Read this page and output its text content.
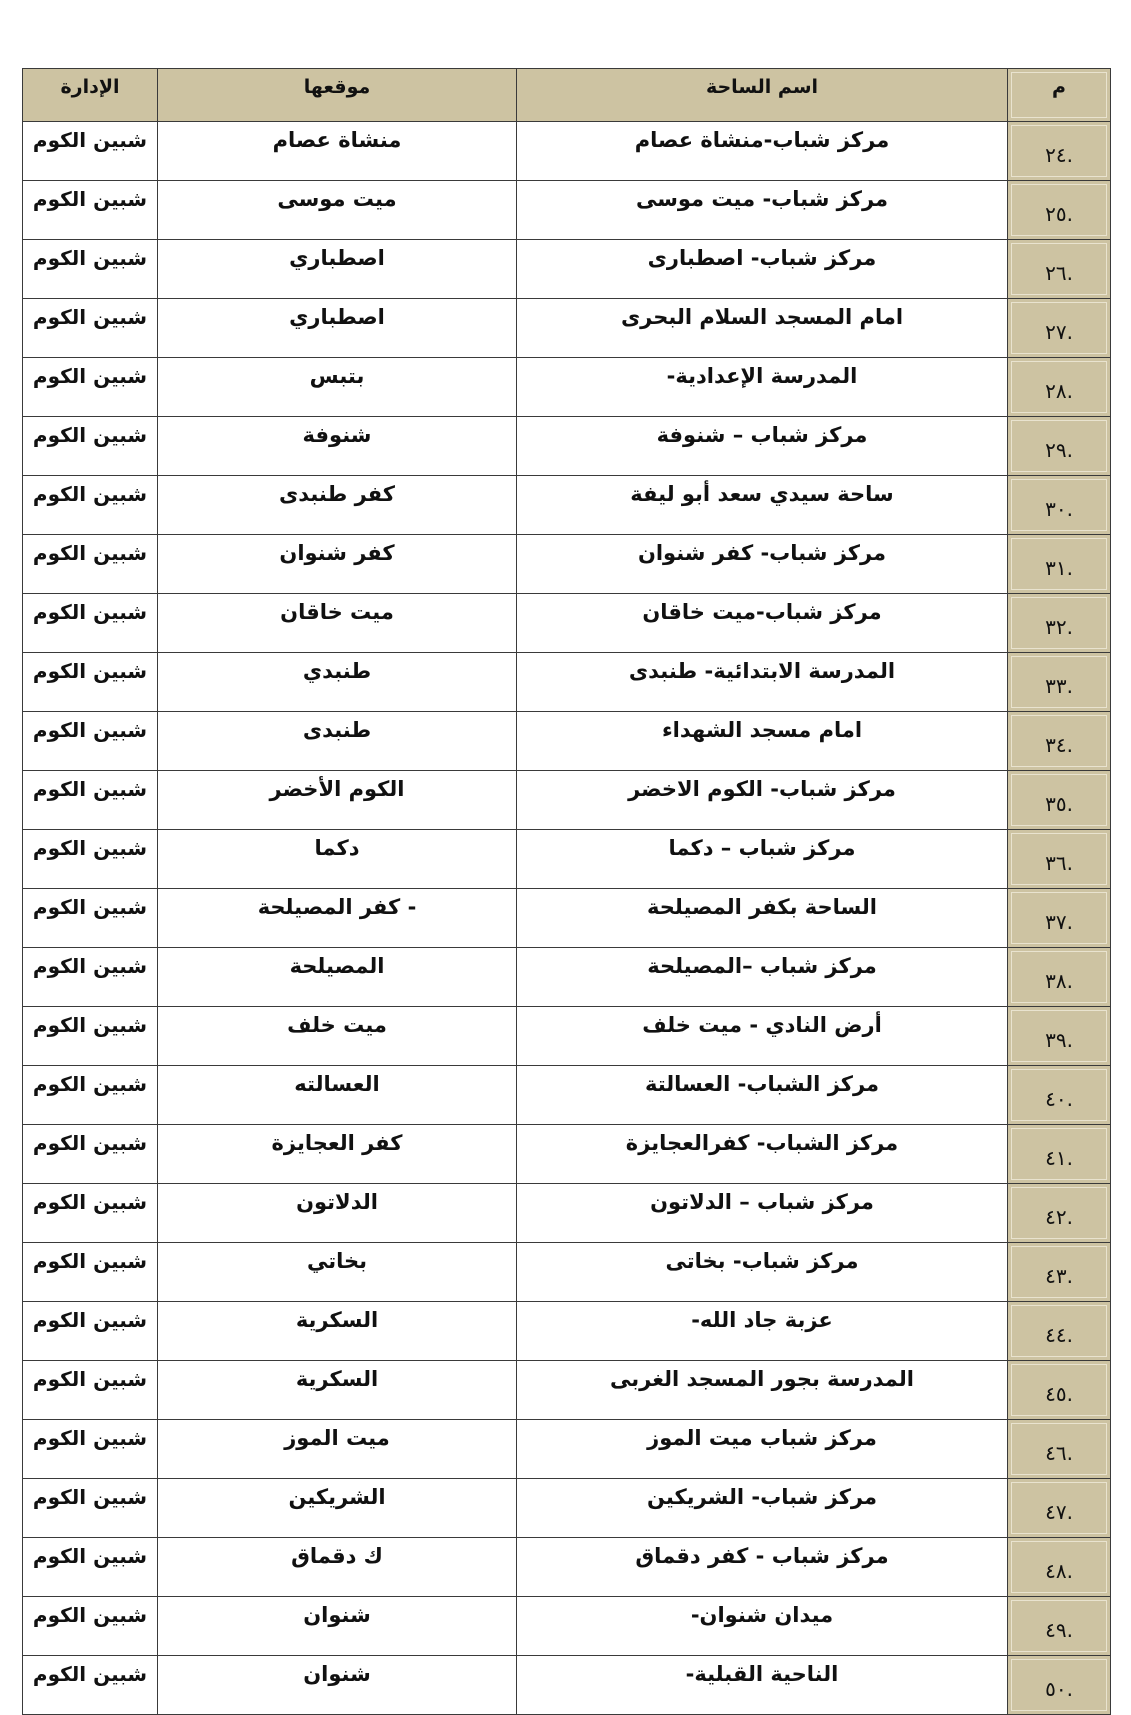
م	اسم الساحة	موقعها	الإدارة
.٢٤	مركز شباب-منشاة عصام	منشاة عصام	شبين الكوم
.٢٥	مركز شباب- ميت موسى	ميت موسى	شبين الكوم
.٢٦	مركز شباب- اصطبارى	اصطباري	شبين الكوم
.٢٧	امام المسجد السلام البحرى	اصطباري	شبين الكوم
.٢٨	المدرسة الإعدادية-	بتبس	شبين الكوم
.٢٩	مركز شباب – شنوفة	شنوفة	شبين الكوم
.٣٠	ساحة سيدي سعد أبو ليفة	كفر طنبدى	شبين الكوم
.٣١	مركز شباب- كفر شنوان	كفر شنوان	شبين الكوم
.٣٢	مركز شباب-ميت خاقان	ميت خاقان	شبين الكوم
.٣٣	المدرسة الابتدائية- طنبدى	طنبدي	شبين الكوم
.٣٤	امام مسجد الشهداء	طنبدى	شبين الكوم
.٣٥	مركز شباب- الكوم الاخضر	الكوم الأخضر	شبين الكوم
.٣٦	مركز شباب – دكما	دكما	شبين الكوم
.٣٧	الساحة بكفر المصيلحة	- كفر المصيلحة	شبين الكوم
.٣٨	مركز شباب –المصيلحة	المصيلحة	شبين الكوم
.٣٩	أرض النادي - ميت خلف	ميت خلف	شبين الكوم
.٤٠	مركز الشباب- العسالتة	العسالته	شبين الكوم
.٤١	مركز الشباب- كفرالعجايزة	كفر العجايزة	شبين الكوم
.٤٢	مركز شباب – الدلاتون	الدلاتون	شبين الكوم
.٤٣	مركز شباب- بخاتى	بخاتي	شبين الكوم
.٤٤	عزبة جاد الله-	السكرية	شبين الكوم
.٤٥	المدرسة بجور المسجد الغربى	السكرية	شبين الكوم
.٤٦	مركز شباب ميت الموز	ميت الموز	شبين الكوم
.٤٧	مركز شباب- الشريكين	الشريكين	شبين الكوم
.٤٨	مركز شباب - كفر دقماق	ك دقماق	شبين الكوم
.٤٩	ميدان شنوان-	شنوان	شبين الكوم
.٥٠	الناحية القبلية-	شنوان	شبين الكوم
